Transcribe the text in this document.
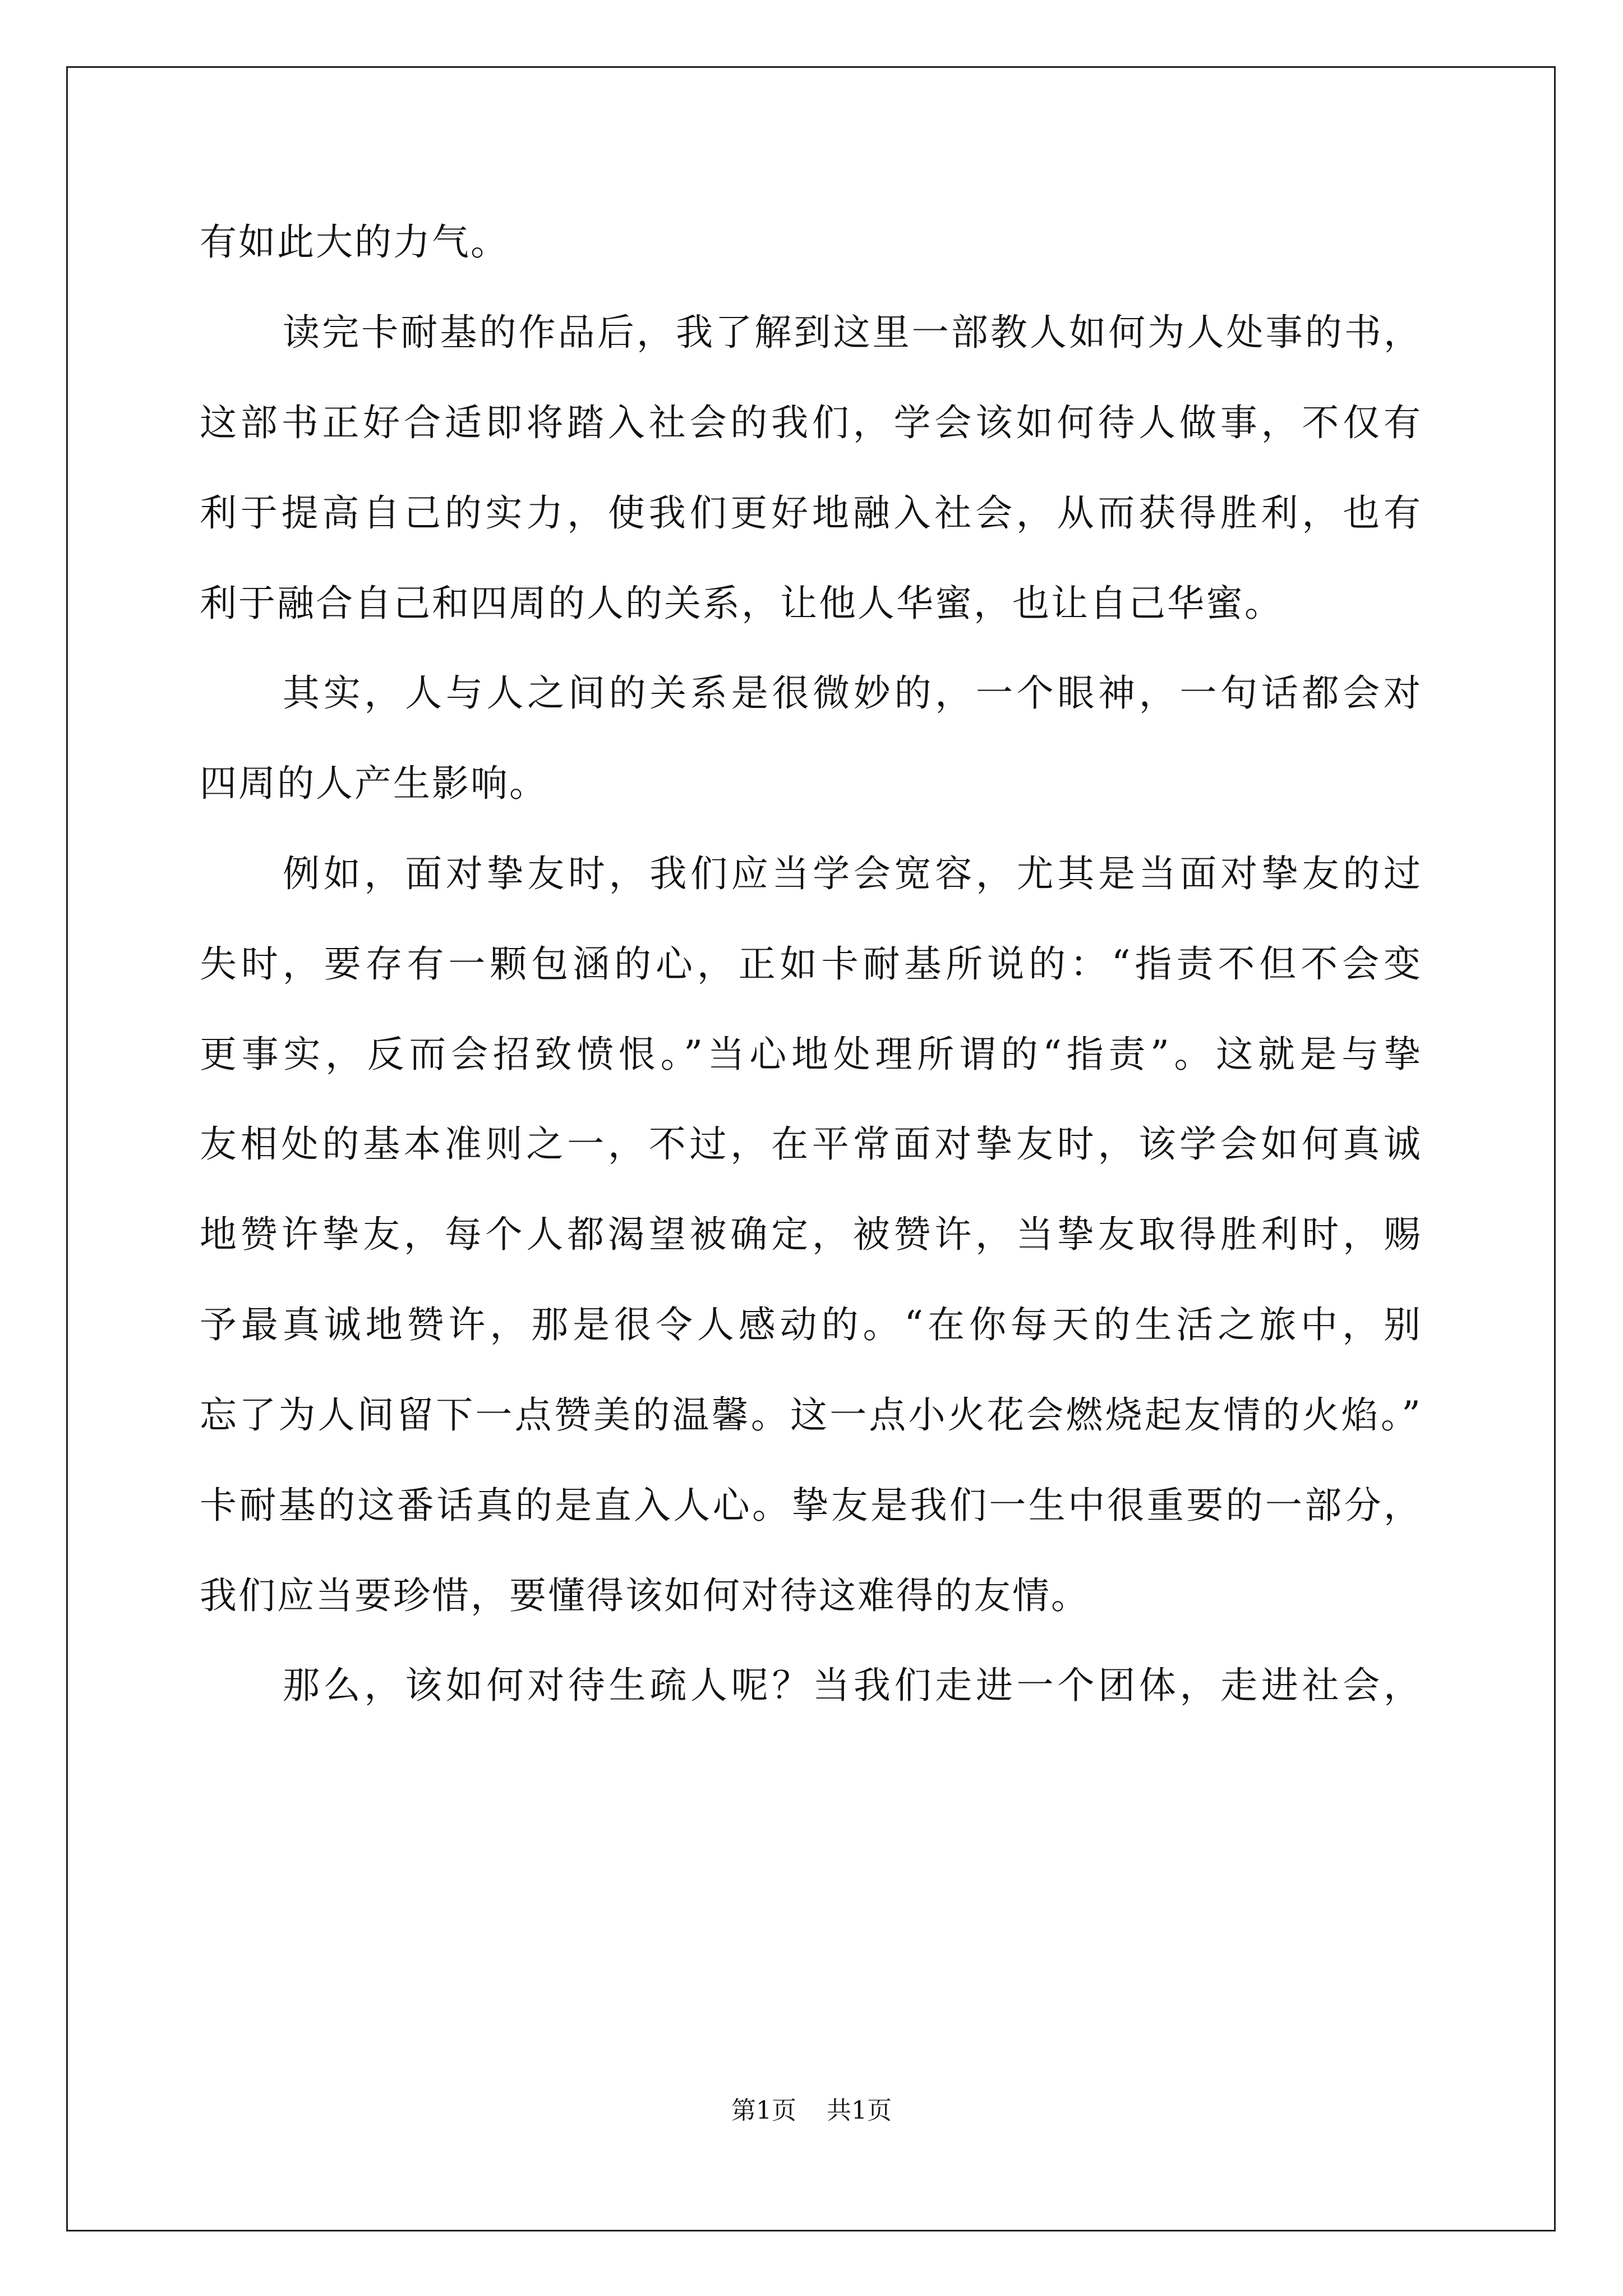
有如此大的力气。
读完卡耐基的作品后，我了解到这里一部教人如何为人处事的书，
这部书正好合适即将踏入社会的我们，学会该如何待人做事，不仅有
利于提高自己的实力，使我们更好地融入社会，从而获得胜利，也有
利于融合自己和四周的人的关系，让他人华蜜，也让自己华蜜。
其实，人与人之间的关系是很微妙的，一个眼神，一句话都会对
四周的人产生影响。
例如，面对挚友时，我们应当学会宽容，尤其是当面对挚友的过
失时，要存有一颗包涵的心，正如卡耐基所说的：“指责不但不会变
更事实，反而会招致愤恨。”当心地处理所谓的“指责”。这就是与挚
友相处的基本准则之一，不过，在平常面对挚友时，该学会如何真诚
地赞许挚友，每个人都渴望被确定，被赞许，当挚友取得胜利时，赐
予最真诚地赞许，那是很令人感动的。“在你每天的生活之旅中，别
忘了为人间留下一点赞美的温馨。这一点小火花会燃烧起友情的火焰。”
卡耐基的这番话真的是直入人心。挚友是我们一生中很重要的一部分，
我们应当要珍惜，要懂得该如何对待这难得的友情。
那么，该如何对待生疏人呢？当我们走进一个团体，走进社会，
第1页 共1页
